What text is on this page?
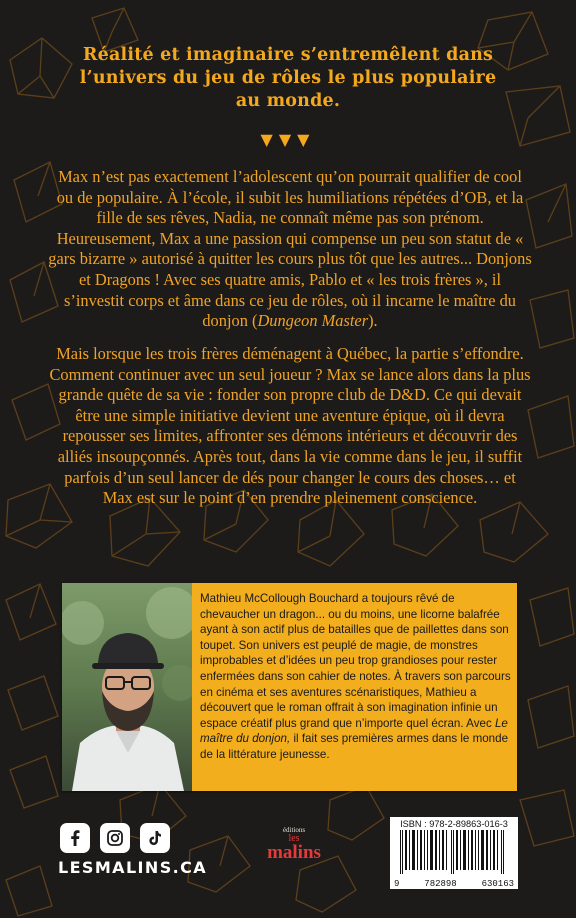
Réalité et imaginaire s’entremêlent dans l’univers du jeu de rôles le plus populaire au monde.
▼▼▼
Max n’est pas exactement l’adolescent qu’on pourrait qualifier de cool ou de populaire. À l’école, il subit les humiliations répétées d’OB, et la fille de ses rêves, Nadia, ne connaît même pas son prénom. Heureusement, Max a une passion qui compense un peu son statut de « gars bizarre » autorisé à quitter les cours plus tôt que les autres... Donjons et Dragons ! Avec ses quatre amis, Pablo et « les trois frères », il s’investit corps et âme dans ce jeu de rôles, où il incarne le maître du donjon (Dungeon Master).
Mais lorsque les trois frères déménagent à Québec, la partie s’effondre. Comment continuer avec un seul joueur ? Max se lance alors dans la plus grande quête de sa vie : fonder son propre club de D&D. Ce qui devait être une simple initiative devient une aventure épique, où il devra repousser ses limites, affronter ses démons intérieurs et découvrir des alliés insoupçonnés. Après tout, dans la vie comme dans le jeu, il suffit parfois d’un seul lancer de dés pour changer le cours des choses… et Max est sur le point d’en prendre pleinement conscience.
Mathieu McCollough Bouchard a toujours rêvé de chevaucher un dragon... ou du moins, une licorne balafrée ayant à son actif plus de batailles que de paillettes dans son toupet. Son univers est peuplé de magie, de monstres improbables et d’idées un peu trop grandioses pour rester enfermées dans son cahier de notes. À travers son parcours en cinéma et ses aventures scénaristiques, Mathieu a découvert que le roman offrait à son imagination infinie un espace créatif plus grand que n’importe quel écran. Avec Le maître du donjon, il fait ses premières armes dans le monde de la littérature jeunesse.
LESMALINS.CA
éditions
les
malins
ISBN : 978-2-89863-016-3
9	782898	630163
